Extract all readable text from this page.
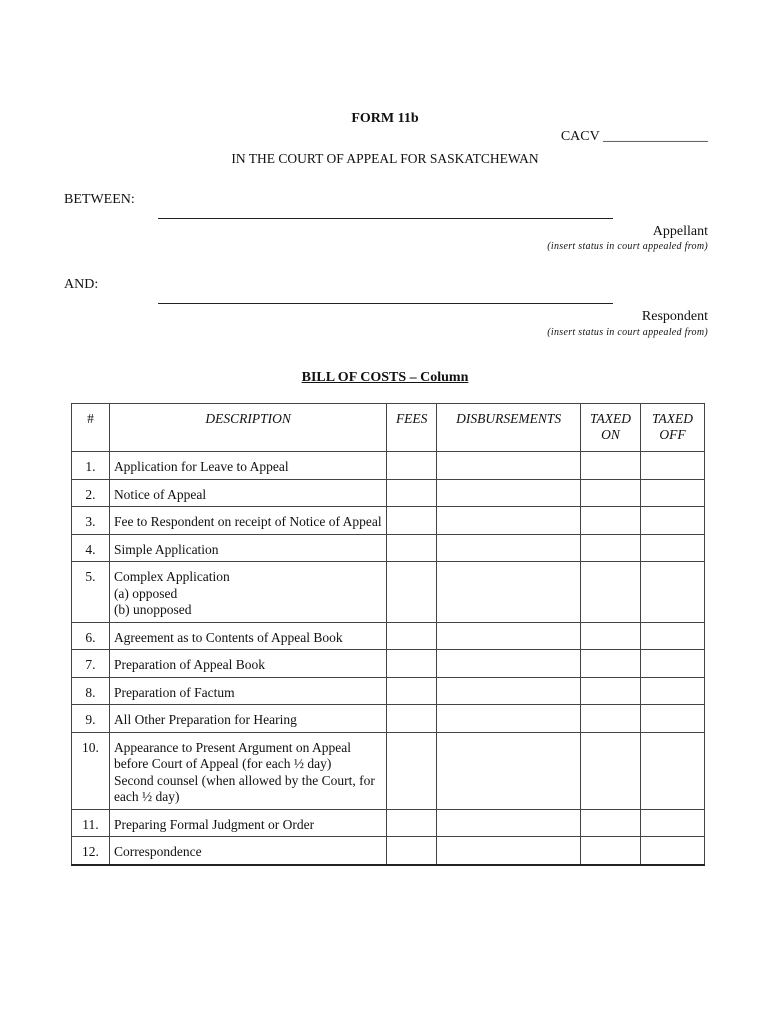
FORM 11b
CACV _______________
IN THE COURT OF APPEAL FOR SASKATCHEWAN
BETWEEN:
Appellant
(insert status in court appealed from)
AND:
Respondent
(insert status in court appealed from)
BILL OF COSTS – Column
#	DESCRIPTION	FEES	DISBURSEMENTS	TAXED ON	TAXED OFF
1.	Application for Leave to Appeal				

2.	Notice of Appeal				

3.	Fee to Respondent on receipt of Notice of Appeal				

4.	Simple Application				

5.	Complex Application
(a) opposed
(b) unopposed				

6.	Agreement as to Contents of Appeal Book				

7.	Preparation of Appeal Book				

8.	Preparation of Factum				

9.	All Other Preparation for Hearing				

10.	Appearance to Present Argument on Appeal before Court of Appeal (for each ½ day)
Second counsel (when allowed by the Court, for each ½ day)				

11.	Preparing Formal Judgment or Order				

12.	Correspondence				
